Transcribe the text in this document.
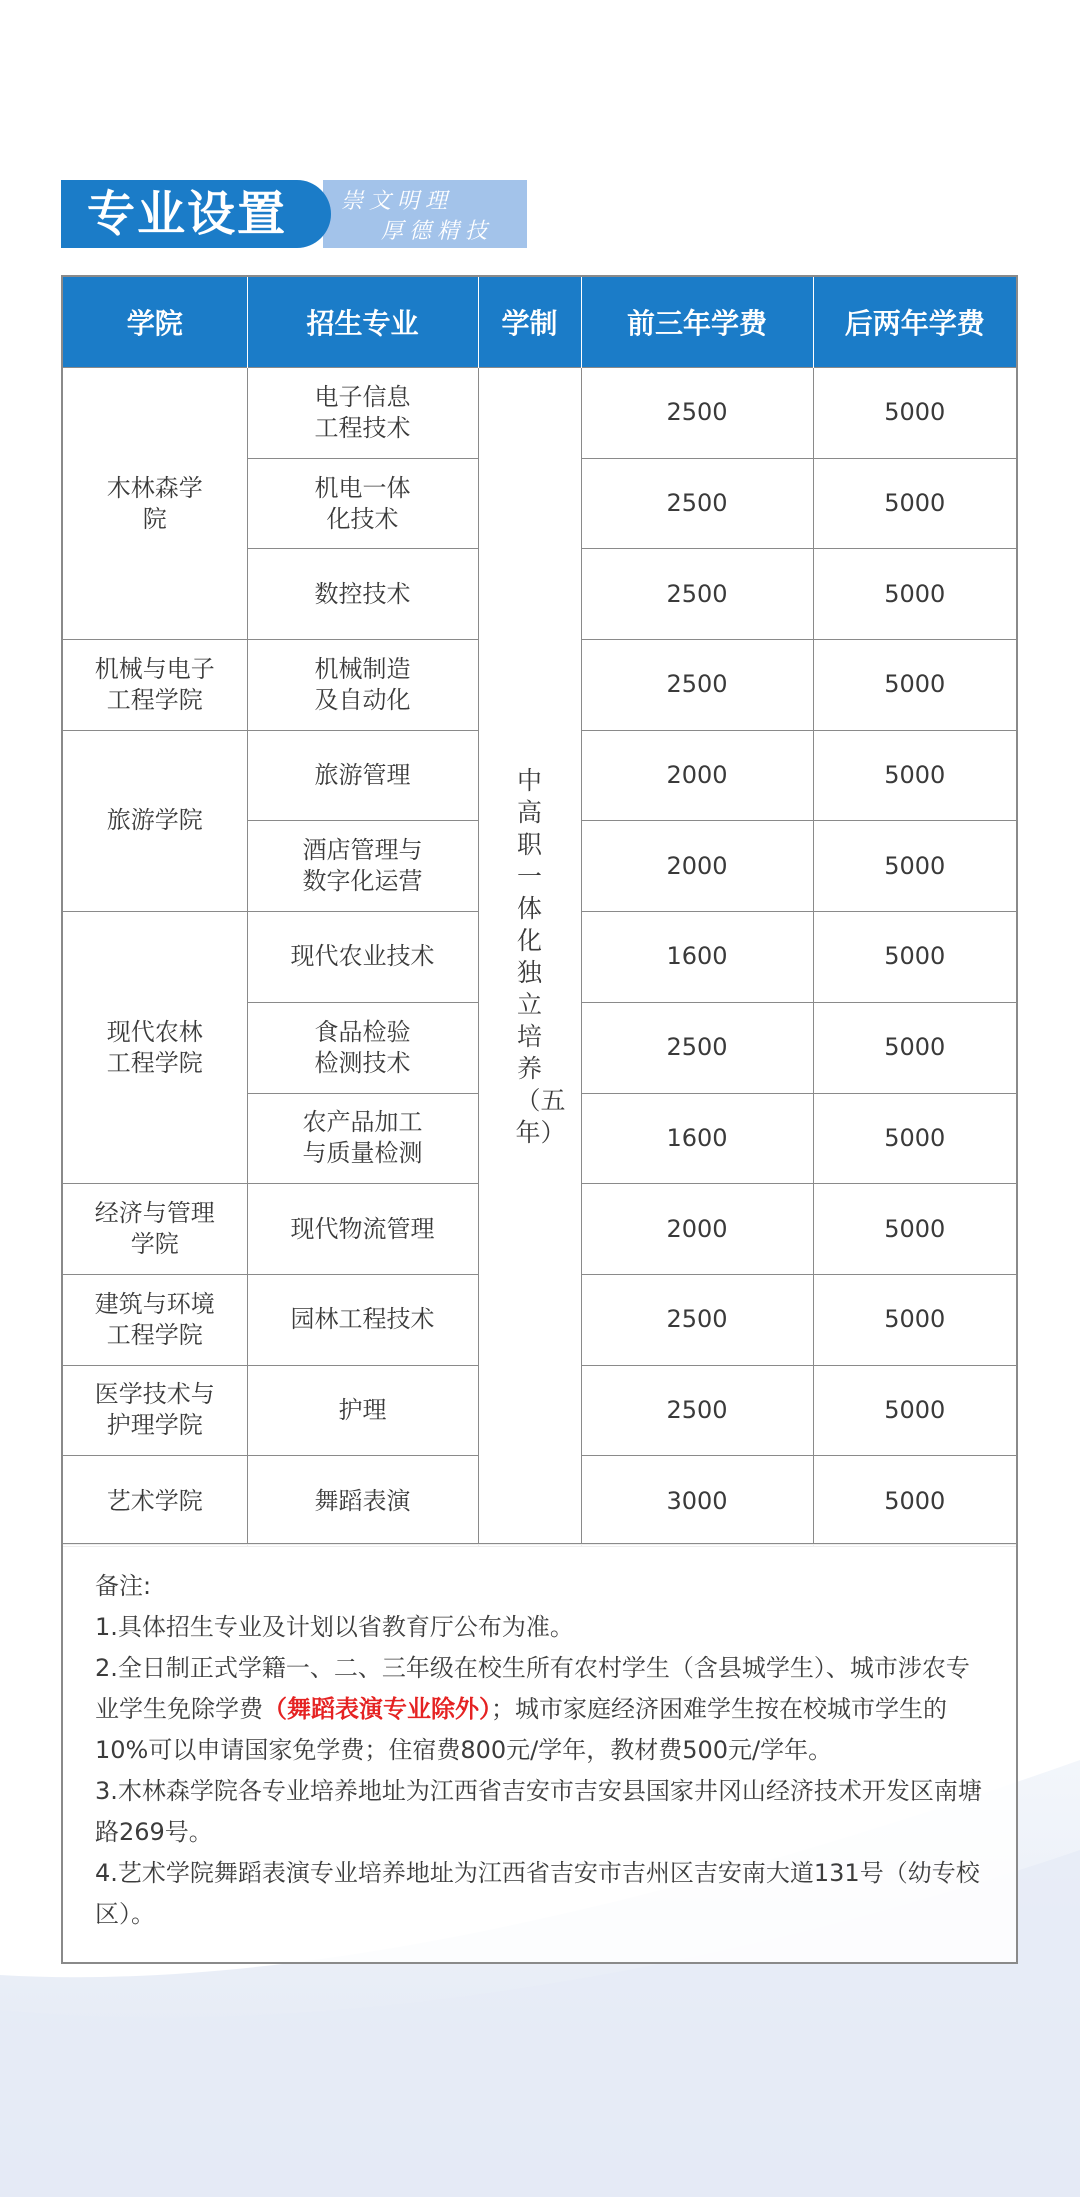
崇文明理
厚德精技
专业设置
学院	招生专业	学制	前三年学费	后两年学费
木林森学院	电子信息工程技术	中高职一体化独立培养（五年）	2500	5000
	机电一体化技术		2500	5000
	数控技术		2500	5000
机械与电子工程学院	机械制造及自动化		2500	5000
旅游学院	旅游管理		2000	5000
	酒店管理与数字化运营		2000	5000
现代农林工程学院	现代农业技术		1600	5000
	食品检验检测技术		2500	5000
	农产品加工与质量检测		1600	5000
经济与管理学院	现代物流管理		2000	5000
建筑与环境工程学院	园林工程技术		2500	5000
医学技术与护理学院	护理		2500	5000
艺术学院	舞蹈表演		3000	5000

备注:

1.具体招生专业及计划以省教育厅公布为准。

2.全日制正式学籍一、二、三年级在校生所有农村学生（含县城学生）、城市涉农专业学生免除学费（舞蹈表演专业除外）；城市家庭经济困难学生按在校城市学生的10%可以申请国家免学费；住宿费800元/学年，教材费500元/学年。

3.木林森学院各专业培养地址为江西省吉安市吉安县国家井冈山经济技术开发区南塘路269号。

4.艺术学院舞蹈表演专业培养地址为江西省吉安市吉州区吉安南大道131号（幼专校区）。
